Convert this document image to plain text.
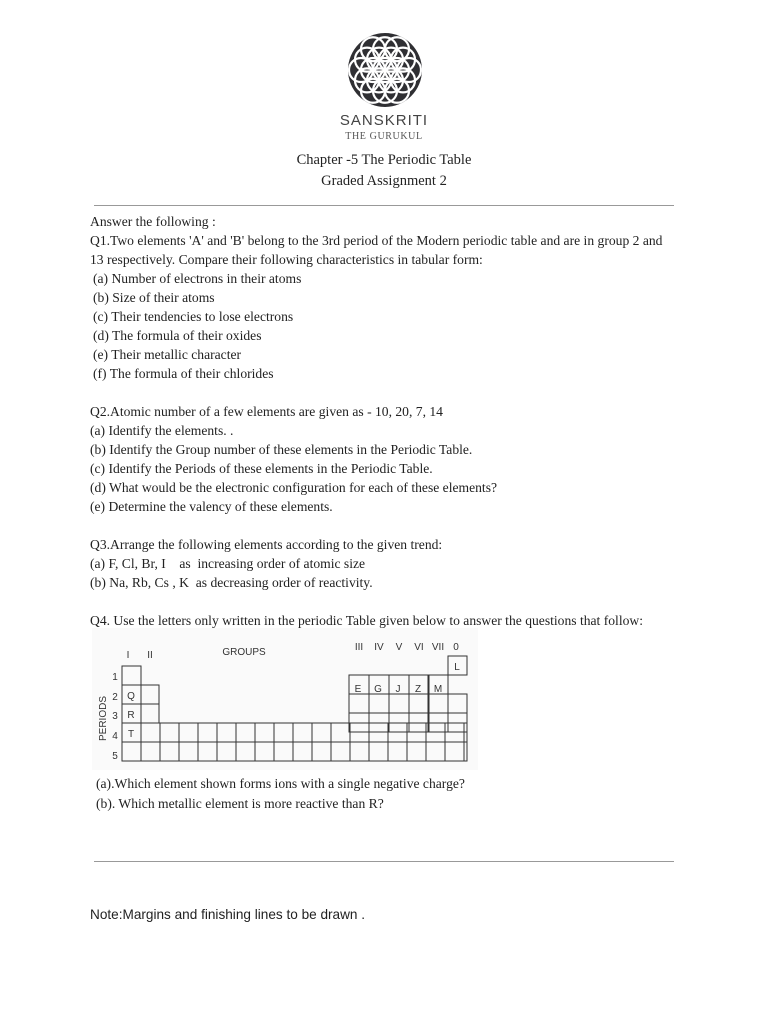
SANSKRITI
THE GURUKUL
Chapter -5 The Periodic Table
Graded Assignment 2

Answer the following :

Q1.Two elements 'A' and 'B' belong to the 3rd period of the Modern periodic table and are in group 2 and

13 respectively. Compare their following characteristics in tabular form:

(a) Number of electrons in their atoms

(b) Size of their atoms

(c) Their tendencies to lose electrons

(d) The formula of their oxides

(e) Their metallic character

(f) The formula of their chlorides

Q2.Atomic number of a few elements are given as - 10, 20, 7, 14

(a) Identify the elements. .

(b) Identify the Group number of these elements in the Periodic Table.

(c) Identify the Periods of these elements in the Periodic Table.

(d) What would be the electronic configuration for each of these elements?

(e) Determine the valency of these elements.

Q3.Arrange the following elements according to the given trend:

(a) F, Cl, Br, I    as  increasing order of atomic size

(b) Na, Rb, Cs , K  as decreasing order of reactivity.

Q4. Use the letters only written in the periodic Table given below to answer the questions that follow:

I II	GROUPS	III IV V VI VII 0
PERIODS
1
2
3
4
5
Q
R
T
E G J Z M
L

(a).Which element shown forms ions with a single negative charge?

(b). Which metallic element is more reactive than R?

Note:Margins and finishing lines to be drawn .
